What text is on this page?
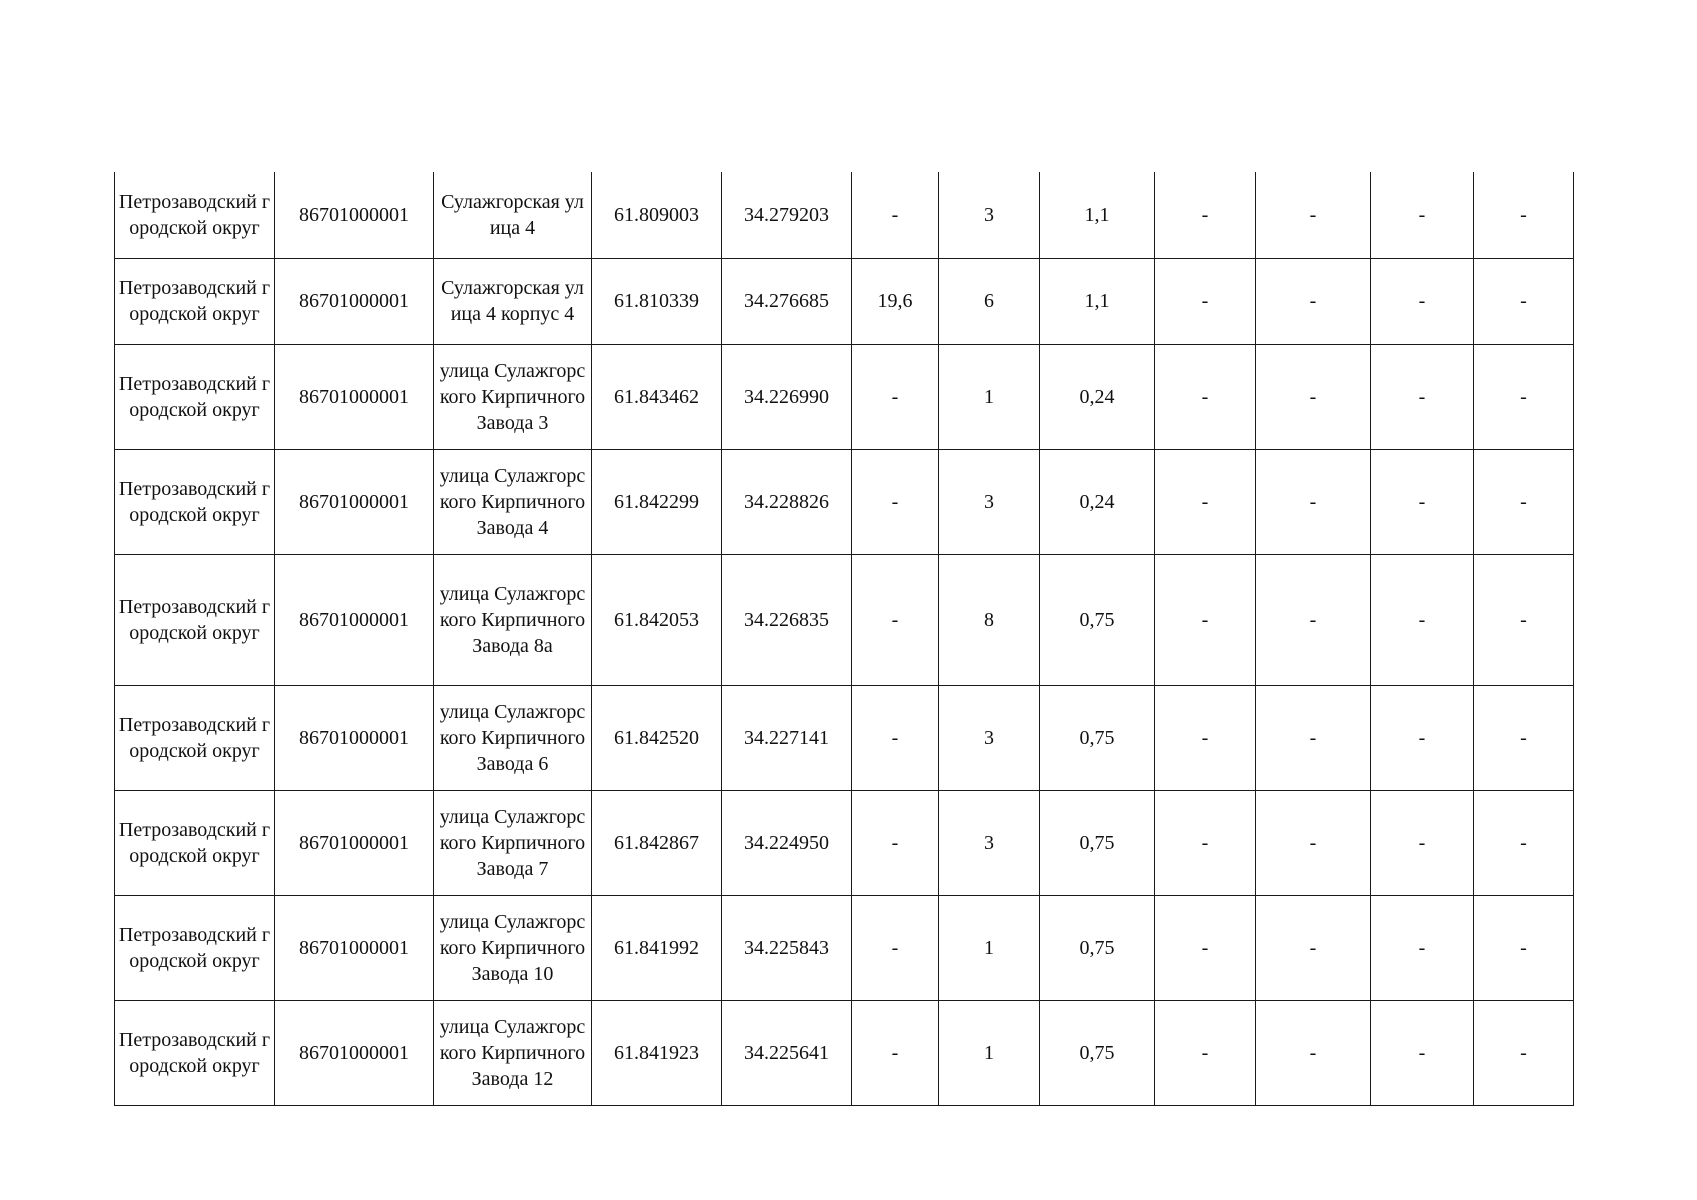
Петрозаводский городской округ	86701000001	Сулажгорская улица 4	61.809003	34.279203	-	3	1,1	-	-	-	-

Петрозаводский городской округ	86701000001	Сулажгорская улица 4 корпус 4	61.810339	34.276685	19,6	6	1,1	-	-	-	-

Петрозаводский городской округ	86701000001	улица Сулажгорского Кирпичного Завода 3	61.843462	34.226990	-	1	0,24	-	-	-	-

Петрозаводский городской округ	86701000001	улица Сулажгорского Кирпичного Завода 4	61.842299	34.228826	-	3	0,24	-	-	-	-

Петрозаводский городской округ	86701000001	улица Сулажгорского Кирпичного Завода 8а	61.842053	34.226835	-	8	0,75	-	-	-	-

Петрозаводский городской округ	86701000001	улица Сулажгорского Кирпичного Завода 6	61.842520	34.227141	-	3	0,75	-	-	-	-

Петрозаводский городской округ	86701000001	улица Сулажгорского Кирпичного Завода 7	61.842867	34.224950	-	3	0,75	-	-	-	-

Петрозаводский городской округ	86701000001	улица Сулажгорского Кирпичного Завода 10	61.841992	34.225843	-	1	0,75	-	-	-	-

Петрозаводский городской округ	86701000001	улица Сулажгорского Кирпичного Завода 12	61.841923	34.225641	-	1	0,75	-	-	-	-
